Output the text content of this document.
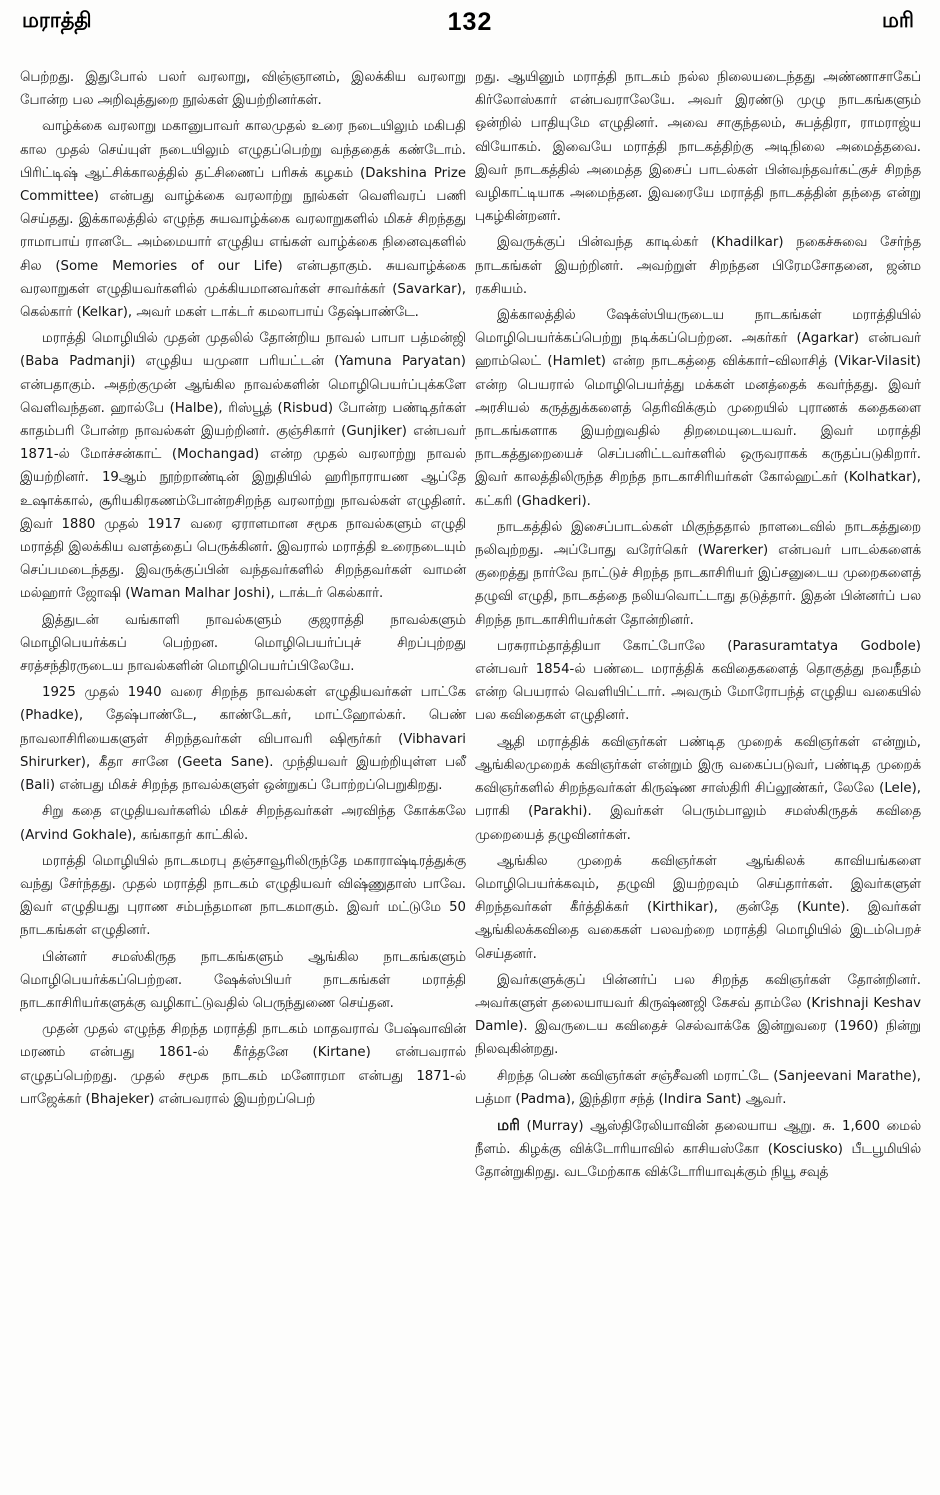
மராத்தி	132	மரி

பெற்றது. இதுபோல் பலர் வரலாறு, விஞ்ஞானம், இலக்கிய வரலாறு போன்ற பல அறிவுத்துறை நூல்கள் இயற்றினர்கள்.

வாழ்க்கை வரலாறு மகானுபாவர் காலமுதல் உரை நடையிலும் மகிபதி கால முதல் செய்யுள் நடையிலும் எழுதப்பெற்று வந்ததைக் கண்டோம். பிரிட்டிஷ் ஆட்சிக்காலத்தில் தட்சிணைப் பரிசுக் கழகம் (Dakshina Prize Committee) என்பது வாழ்க்கை வரலாற்று நூல்கள் வெளிவரப் பணி செய்தது. இக்காலத்தில் எழுந்த சுயவாழ்க்கை வரலாறுகளில் மிகச் சிறந்தது ராமாபாய் ரானடே அம்மையார் எழுதிய எங்கள் வாழ்க்கை நினைவுகளில் சில (Some Memories of our Life) என்பதாகும். சுயவாழ்க்கை வரலாறுகள் எழுதியவர்களில் முக்கியமானவர்கள் சாவர்க்கர் (Savarkar), கெல்கார் (Kelkar), அவர் மகள் டாக்டர் கமலாபாய் தேஷ்பாண்டே.

மராத்தி மொழியில் முதன் முதலில் தோன்றிய நாவல் பாபா பத்மன்ஜி (Baba Padmanji) எழுதிய யமுனா பரியட்டன் (Yamuna Paryatan) என்பதாகும். அதற்குமுன் ஆங்கில நாவல்களின் மொழிபெயர்ப்புக்களே வெளிவந்தன. ஹால்பே (Halbe), ரிஸ்பூத் (Risbud) போன்ற பண்டிதர்கள் காதம்பரி போன்ற நாவல்கள் இயற்றினர். குஞ்சிகார் (Gunjiker) என்பவர் 1871-ல் மோச்சன்காட் (Mochangad) என்ற முதல் வரலாற்று நாவல் இயற்றினர். 19ஆம் நூற்றாண்டின் இறுதியில் ஹரிநாராயண ஆப்தே உஷாக்கால், சூரியகிரகணம்போன்றசிறந்த வரலாற்று நாவல்கள் எழுதினர். இவர் 1880 முதல் 1917 வரை ஏராளமான சமூக நாவல்களும் எழுதி மராத்தி இலக்கிய வளத்தைப் பெருக்கினர். இவரால் மராத்தி உரைநடையும் செப்பமடைந்தது. இவருக்குப்பின் வந்தவர்களில் சிறந்தவர்கள் வாமன் மல்ஹார் ஜோஷி (Waman Malhar Joshi), டாக்டர் கெல்கார்.

இத்துடன் வங்காளி நாவல்களும் குஜராத்தி நாவல்களும் மொழிபெயர்க்கப் பெற்றன. மொழிபெயர்ப்புச் சிறப்புற்றது சரத்சந்திரருடைய நாவல்களின் மொழிபெயர்ப்பிலேயே.

1925 முதல் 1940 வரை சிறந்த நாவல்கள் எழுதியவர்கள் பாட்கே (Phadke), தேஷ்பாண்டே, காண்டேகர், மாட்ஹோல்கர். பெண் நாவலாசிரியைகளுள் சிறந்தவர்கள் விபாவரி ஷிரூர்கர் (Vibhavari Shirurker), கீதா சானே (Geeta Sane). முந்தியவர் இயற்றியுள்ள பலீ (Bali) என்பது மிகச் சிறந்த நாவல்களுள் ஒன்றுகப் போற்றப்பெறுகிறது.

சிறு கதை எழுதியவர்களில் மிகச் சிறந்தவர்கள் அரவிந்த கோக்கலே (Arvind Gokhale), கங்காதர் காட்கில்.

மராத்தி மொழியில் நாடகமரபு தஞ்சாவூரிலிருந்தே மகாராஷ்டிரத்துக்கு வந்து சேர்ந்தது. முதல் மராத்தி நாடகம் எழுதியவர் விஷ்ணுதாஸ் பாவே. இவர் எழுதியது புராண சம்பந்தமான நாடகமாகும். இவர் மட்டுமே 50 நாடகங்கள் எழுதினர்.

பின்னர் சமஸ்கிருத நாடகங்களும் ஆங்கில நாடகங்களும் மொழிபெயர்க்கப்பெற்றன. ஷேக்ஸ்பியர் நாடகங்கள் மராத்தி நாடகாசிரியர்களுக்கு வழிகாட்டுவதில் பெருந்துணை செய்தன.

முதன் முதல் எழுந்த சிறந்த மராத்தி நாடகம் மாதவராவ் பேஷ்வாவின் மரணம் என்பது 1861-ல் கீர்த்தனே (Kirtane) என்பவரால் எழுதப்பெற்றது. முதல் சமூக நாடகம் மனோரமா என்பது 1871-ல் பாஜேக்கர் (Bhajeker) என்பவரால் இயற்றப்பெற்

றது. ஆயினும் மராத்தி நாடகம் நல்ல நிலையடைந்தது அண்ணாசாகேப் கிர்லோஸ்கார் என்பவராலேயே. அவர் இரண்டு முழு நாடகங்களும் ஒன்றில் பாதியுமே எழுதினர். அவை சாகுந்தலம், சுபத்திரா, ராமராஜ்ய வியோகம். இவையே மராத்தி நாடகத்திற்கு அடிநிலை அமைத்தவை. இவர் நாடகத்தில் அமைத்த இசைப் பாடல்கள் பின்வந்தவர்கட்குச் சிறந்த வழிகாட்டியாக அமைந்தன. இவரையே மராத்தி நாடகத்தின் தந்தை என்று புகழ்கின்றனர்.

இவருக்குப் பின்வந்த காடில்கர் (Khadilkar) நகைச்சுவை சேர்ந்த நாடகங்கள் இயற்றினர். அவற்றுள் சிறந்தன பிரேமசோதனை, ஜன்ம ரகசியம்.

இக்காலத்தில் ஷேக்ஸ்பியருடைய நாடகங்கள் மராத்தியில் மொழிபெயர்க்கப்பெற்று நடிக்கப்பெற்றன. அகர்கர் (Agarkar) என்பவர் ஹாம்லெட் (Hamlet) என்ற நாடகத்தை விக்கார்–விலாசித் (Vikar-Vilasit) என்ற பெயரால் மொழிபெயர்த்து மக்கள் மனத்தைக் கவர்ந்தது. இவர் அரசியல் கருத்துக்களைத் தெரிவிக்கும் முறையில் புராணக் கதைகளை நாடகங்களாக இயற்றுவதில் திறமையுடையவர். இவர் மராத்தி நாடகத்துறையைச் செப்பனிட்டவர்களில் ஒருவராகக் கருதப்படுகிறார். இவர் காலத்திலிருந்த சிறந்த நாடகாசிரியர்கள் கோல்ஹட்கர் (Kolhatkar), கட்கரி (Ghadkeri).

நாடகத்தில் இசைப்பாடல்கள் மிகுந்ததால் நாளடைவில் நாடகத்துறை நலிவுற்றது. அப்போது வரேர்கெர் (Warerker) என்பவர் பாடல்களைக் குறைத்து நார்வே நாட்டுச் சிறந்த நாடகாசிரியர் இப்சனுடைய முறைகளைத் தழுவி எழுதி, நாடகத்தை நலியவொட்டாது தடுத்தார். இதன் பின்னர்ப் பல சிறந்த நாடகாசிரியர்கள் தோன்றினர்.

பரசுராம்தாத்தியா கோட்போலே (Parasuramtatya Godbole) என்பவர் 1854-ல் பண்டை மராத்திக் கவிதைகளைத் தொகுத்து நவநீதம் என்ற பெயரால் வெளியிட்டார். அவரும் மோரோபந்த் எழுதிய வகையில் பல கவிதைகள் எழுதினர்.

ஆதி மராத்திக் கவிஞர்கள் பண்டித முறைக் கவிஞர்கள் என்றும், ஆங்கிலமுறைக் கவிஞர்கள் என்றும் இரு வகைப்படுவர், பண்டித முறைக் கவிஞர்களில் சிறந்தவர்கள் கிருஷ்ண சாஸ்திரி சிப்லூண்கர், லேலே (Lele), பராகி (Parakhi). இவர்கள் பெரும்பாலும் சமஸ்கிருதக் கவிதை முறையைத் தழுவினர்கள்.

ஆங்கில முறைக் கவிஞர்கள் ஆங்கிலக் காவியங்களை மொழிபெயர்க்கவும், தழுவி இயற்றவும் செய்தார்கள். இவர்களுள் சிறந்தவர்கள் கீர்த்திக்கர் (Kirthikar), குன்தே (Kunte). இவர்கள் ஆங்கிலக்கவிதை வகைகள் பலவற்றை மராத்தி மொழியில் இடம்பெறச் செய்தனர்.

இவர்களுக்குப் பின்னர்ப் பல சிறந்த கவிஞர்கள் தோன்றினர். அவர்களுள் தலையாயவர் கிருஷ்ணஜி கேசவ் தாம்லே (Krishnaji Keshav Damle). இவருடைய கவிதைச் செல்வாக்கே இன்றுவரை (1960) நின்று நிலவுகின்றது.

சிறந்த பெண் கவிஞர்கள் சஞ்சீவனி மராட்டே (Sanjeevani Marathe), பத்மா (Padma), இந்திரா சந்த் (Indira Sant) ஆவர்.

மரி (Murray) ஆஸ்திரேலியாவின் தலையாய ஆறு. சு. 1,600 மைல் நீளம். கிழக்கு விக்டோரியாவில் காசியஸ்கோ (Kosciusko) பீடபூமியில் தோன்றுகிறது. வடமேற்காக விக்டோரியாவுக்கும் நியூ சவுத்
